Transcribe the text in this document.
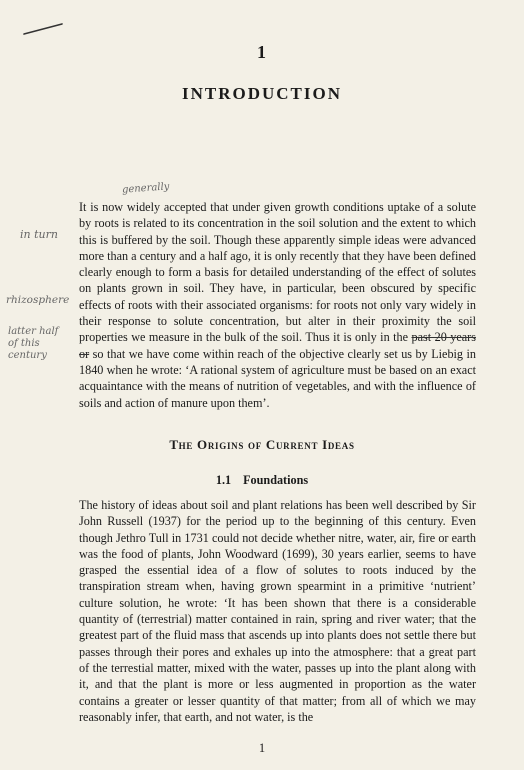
1
INTRODUCTION
generally
in turn
rhizosphere
latter half of this century

It is now widely accepted that under given growth conditions uptake of a solute by roots is related to its concentration in the soil solution and the extent to which this is buffered by the soil. Though these apparently simple ideas were advanced more than a century and a half ago, it is only recently that they have been defined clearly enough to form a basis for detailed understanding of the effect of solutes on plants grown in soil. They have, in particular, been obscured by specific effects of roots with their associated organisms: for roots not only vary widely in their response to solute concentration, but alter in their proximity the soil properties we measure in the bulk of the soil. Thus it is only in the past 20 years or so that we have come within reach of the objective clearly set us by Liebig in 1840 when he wrote: ‘A rational system of agriculture must be based on an exact acquaintance with the means of nutrition of vegetables, and with the influence of soils and action of manure upon them’.

The Origins of Current Ideas
1.1 Foundations

The history of ideas about soil and plant relations has been well described by Sir John Russell (1937) for the period up to the beginning of this century. Even though Jethro Tull in 1731 could not decide whether nitre, water, air, fire or earth was the food of plants, John Woodward (1699), 30 years earlier, seems to have grasped the essential idea of a flow of solutes to roots induced by the transpiration stream when, having grown spearmint in a primitive ‘nutrient’ culture solution, he wrote: ‘It has been shown that there is a considerable quantity of (terrestrial) matter contained in rain, spring and river water; that the greatest part of the fluid mass that ascends up into plants does not settle there but passes through their pores and exhales up into the atmosphere: that a great part of the terrestial matter, mixed with the water, passes up into the plant along with it, and that the plant is more or less augmented in proportion as the water contains a greater or lesser quantity of that matter; from all of which we may reasonably infer, that earth, and not water, is the

1
